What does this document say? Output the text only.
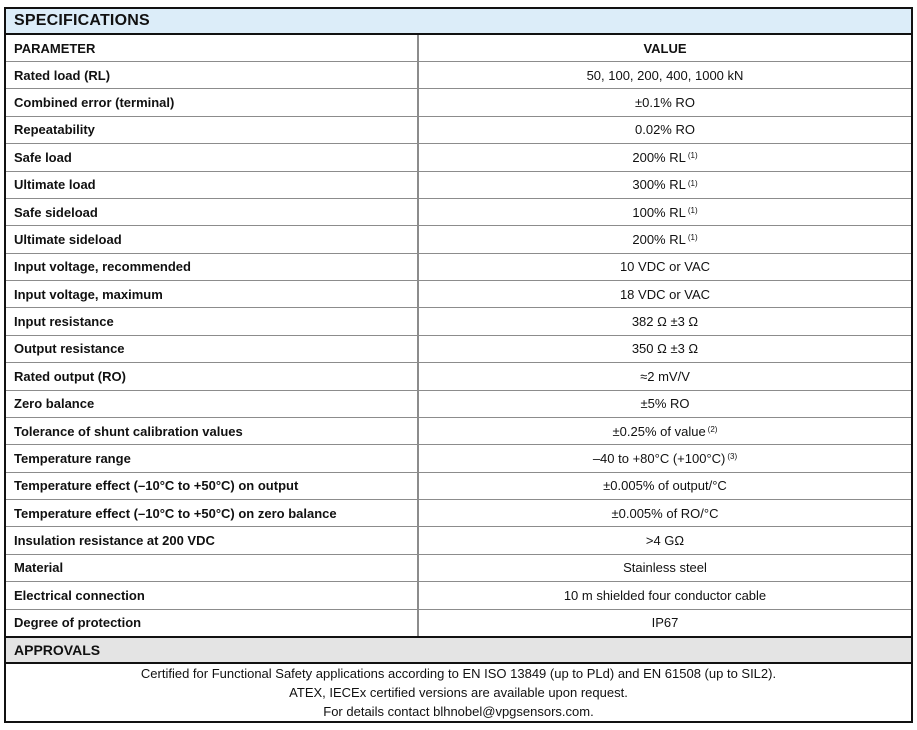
SPECIFICATIONS
PARAMETER	VALUE
Rated load (RL)	50, 100, 200, 400, 1000 kN
Combined error (terminal)	±0.1% RO
Repeatability	0.02% RO
Safe load	200% RL (1)
Ultimate load	300% RL (1)
Safe sideload	100% RL (1)
Ultimate sideload	200% RL (1)
Input voltage, recommended	10 VDC or VAC
Input voltage, maximum	18 VDC or VAC
Input resistance	382 Ω ±3 Ω
Output resistance	350 Ω ±3 Ω
Rated output (RO)	≈2 mV/V
Zero balance	±5% RO
Tolerance of shunt calibration values	±0.25% of value (2)
Temperature range	–40 to +80°C (+100°C) (3)
Temperature effect (–10°C to +50°C) on output	±0.005% of output/°C
Temperature effect (–10°C to +50°C) on zero balance	±0.005% of RO/°C
Insulation resistance at 200 VDC	>4 GΩ
Material	Stainless steel
Electrical connection	10 m shielded four conductor cable
Degree of protection	IP67
APPROVALS
Certified for Functional Safety applications according to EN ISO 13849 (up to PLd) and EN 61508 (up to SIL2).
ATEX, IECEx certified versions are available upon request.
For details contact blhnobel@vpgsensors.com.
